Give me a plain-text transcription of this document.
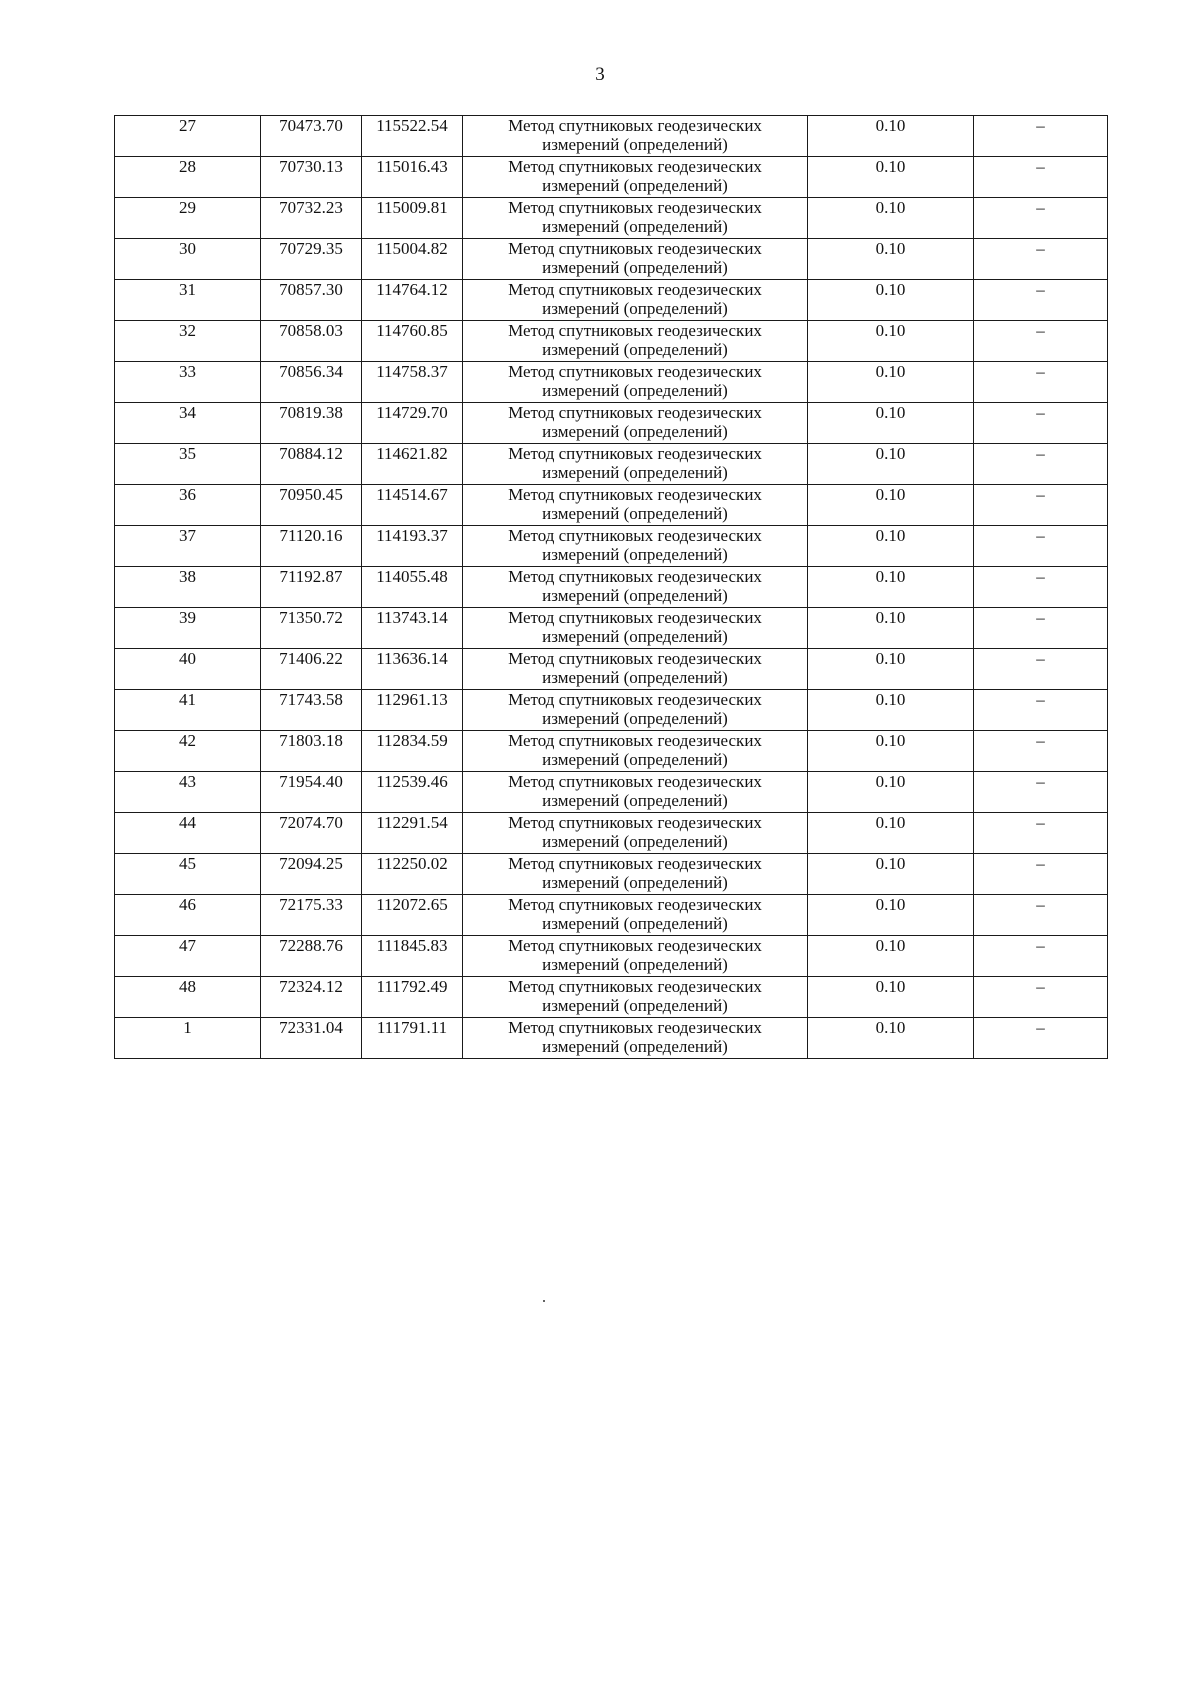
3
27	70473.70	115522.54	Метод спутниковых геодезических
измерений (определений)	0.10	–
28	70730.13	115016.43	Метод спутниковых геодезических
измерений (определений)	0.10	–
29	70732.23	115009.81	Метод спутниковых геодезических
измерений (определений)	0.10	–
30	70729.35	115004.82	Метод спутниковых геодезических
измерений (определений)	0.10	–
31	70857.30	114764.12	Метод спутниковых геодезических
измерений (определений)	0.10	–
32	70858.03	114760.85	Метод спутниковых геодезических
измерений (определений)	0.10	–
33	70856.34	114758.37	Метод спутниковых геодезических
измерений (определений)	0.10	–
34	70819.38	114729.70	Метод спутниковых геодезических
измерений (определений)	0.10	–
35	70884.12	114621.82	Метод спутниковых геодезических
измерений (определений)	0.10	–
36	70950.45	114514.67	Метод спутниковых геодезических
измерений (определений)	0.10	–
37	71120.16	114193.37	Метод спутниковых геодезических
измерений (определений)	0.10	–
38	71192.87	114055.48	Метод спутниковых геодезических
измерений (определений)	0.10	–
39	71350.72	113743.14	Метод спутниковых геодезических
измерений (определений)	0.10	–
40	71406.22	113636.14	Метод спутниковых геодезических
измерений (определений)	0.10	–
41	71743.58	112961.13	Метод спутниковых геодезических
измерений (определений)	0.10	–
42	71803.18	112834.59	Метод спутниковых геодезических
измерений (определений)	0.10	–
43	71954.40	112539.46	Метод спутниковых геодезических
измерений (определений)	0.10	–
44	72074.70	112291.54	Метод спутниковых геодезических
измерений (определений)	0.10	–
45	72094.25	112250.02	Метод спутниковых геодезических
измерений (определений)	0.10	–
46	72175.33	112072.65	Метод спутниковых геодезических
измерений (определений)	0.10	–
47	72288.76	111845.83	Метод спутниковых геодезических
измерений (определений)	0.10	–
48	72324.12	111792.49	Метод спутниковых геодезических
измерений (определений)	0.10	–
1	72331.04	111791.11	Метод спутниковых геодезических
измерений (определений)	0.10	–
